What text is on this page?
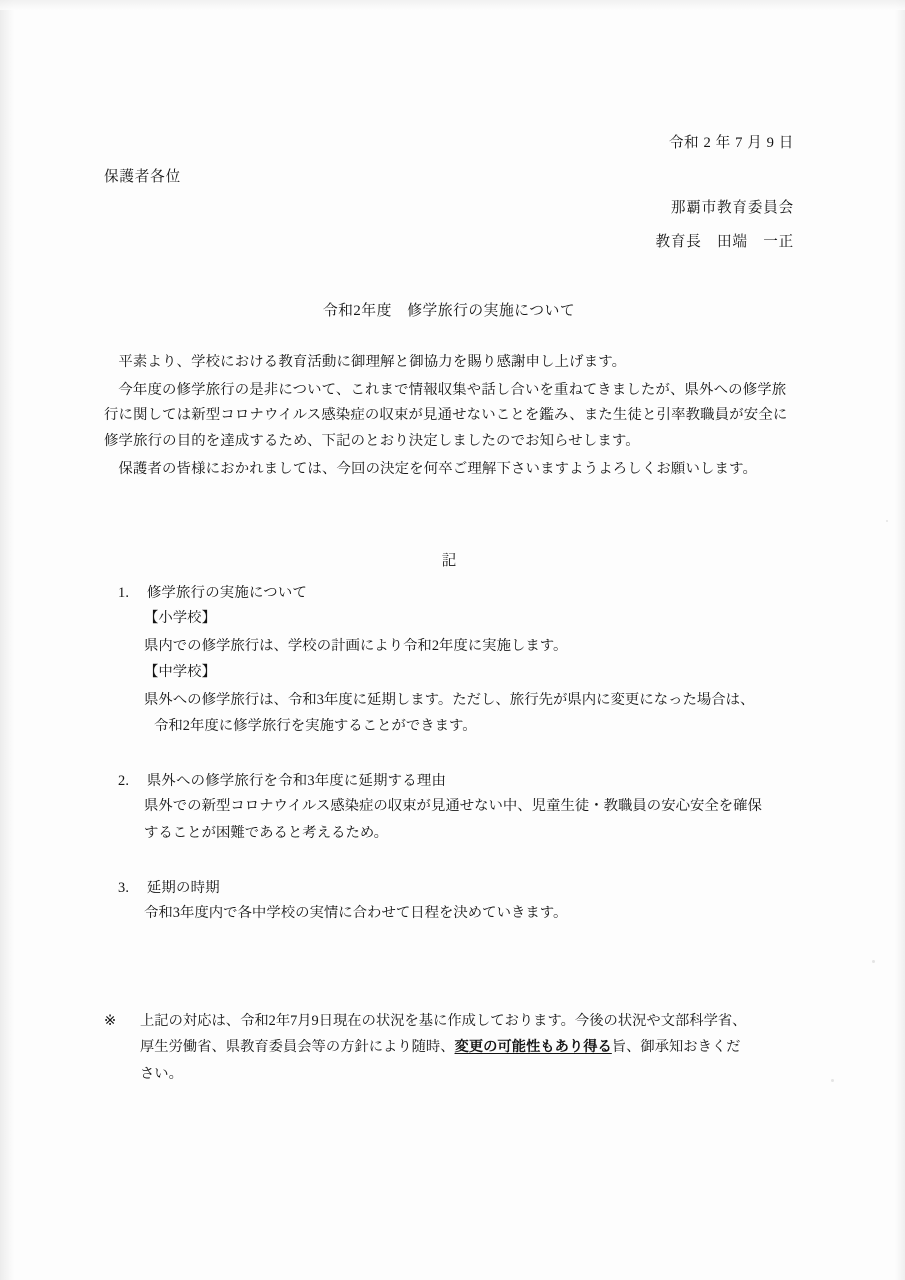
令和 2 年 7 月 9 日
保護者各位
那覇市教育委員会
教育長　田端　一正
令和2年度　修学旅行の実施について

平素より、学校における教育活動に御理解と御協力を賜り感謝申し上げます。

今年度の修学旅行の是非について、これまで情報収集や話し合いを重ねてきましたが、県外への修学旅行に関しては新型コロナウイルス感染症の収束が見通せないことを鑑み、また生徒と引率教職員が安全に修学旅行の目的を達成するため、下記のとおり決定しましたのでお知らせします。

保護者の皆様におかれましては、今回の決定を何卒ご理解下さいますようよろしくお願いします。

記
1. 修学旅行の実施について
【小学校】
県内での修学旅行は、学校の計画により令和2年度に実施します。
【中学校】
県外への修学旅行は、令和3年度に延期します。ただし、旅行先が県内に変更になった場合は、
令和2年度に修学旅行を実施することができます。
2. 県外への修学旅行を令和3年度に延期する理由
県外での新型コロナウイルス感染症の収束が見通せない中、児童生徒・教職員の安心安全を確保
することが困難であると考えるため。
3. 延期の時期
令和3年度内で各中学校の実情に合わせて日程を決めていきます。
※ 上記の対応は、令和2年7月9日現在の状況を基に作成しております。今後の状況や文部科学省、
厚生労働省、県教育委員会等の方針により随時、変更の可能性もあり得る旨、御承知おきくだ
さい。
